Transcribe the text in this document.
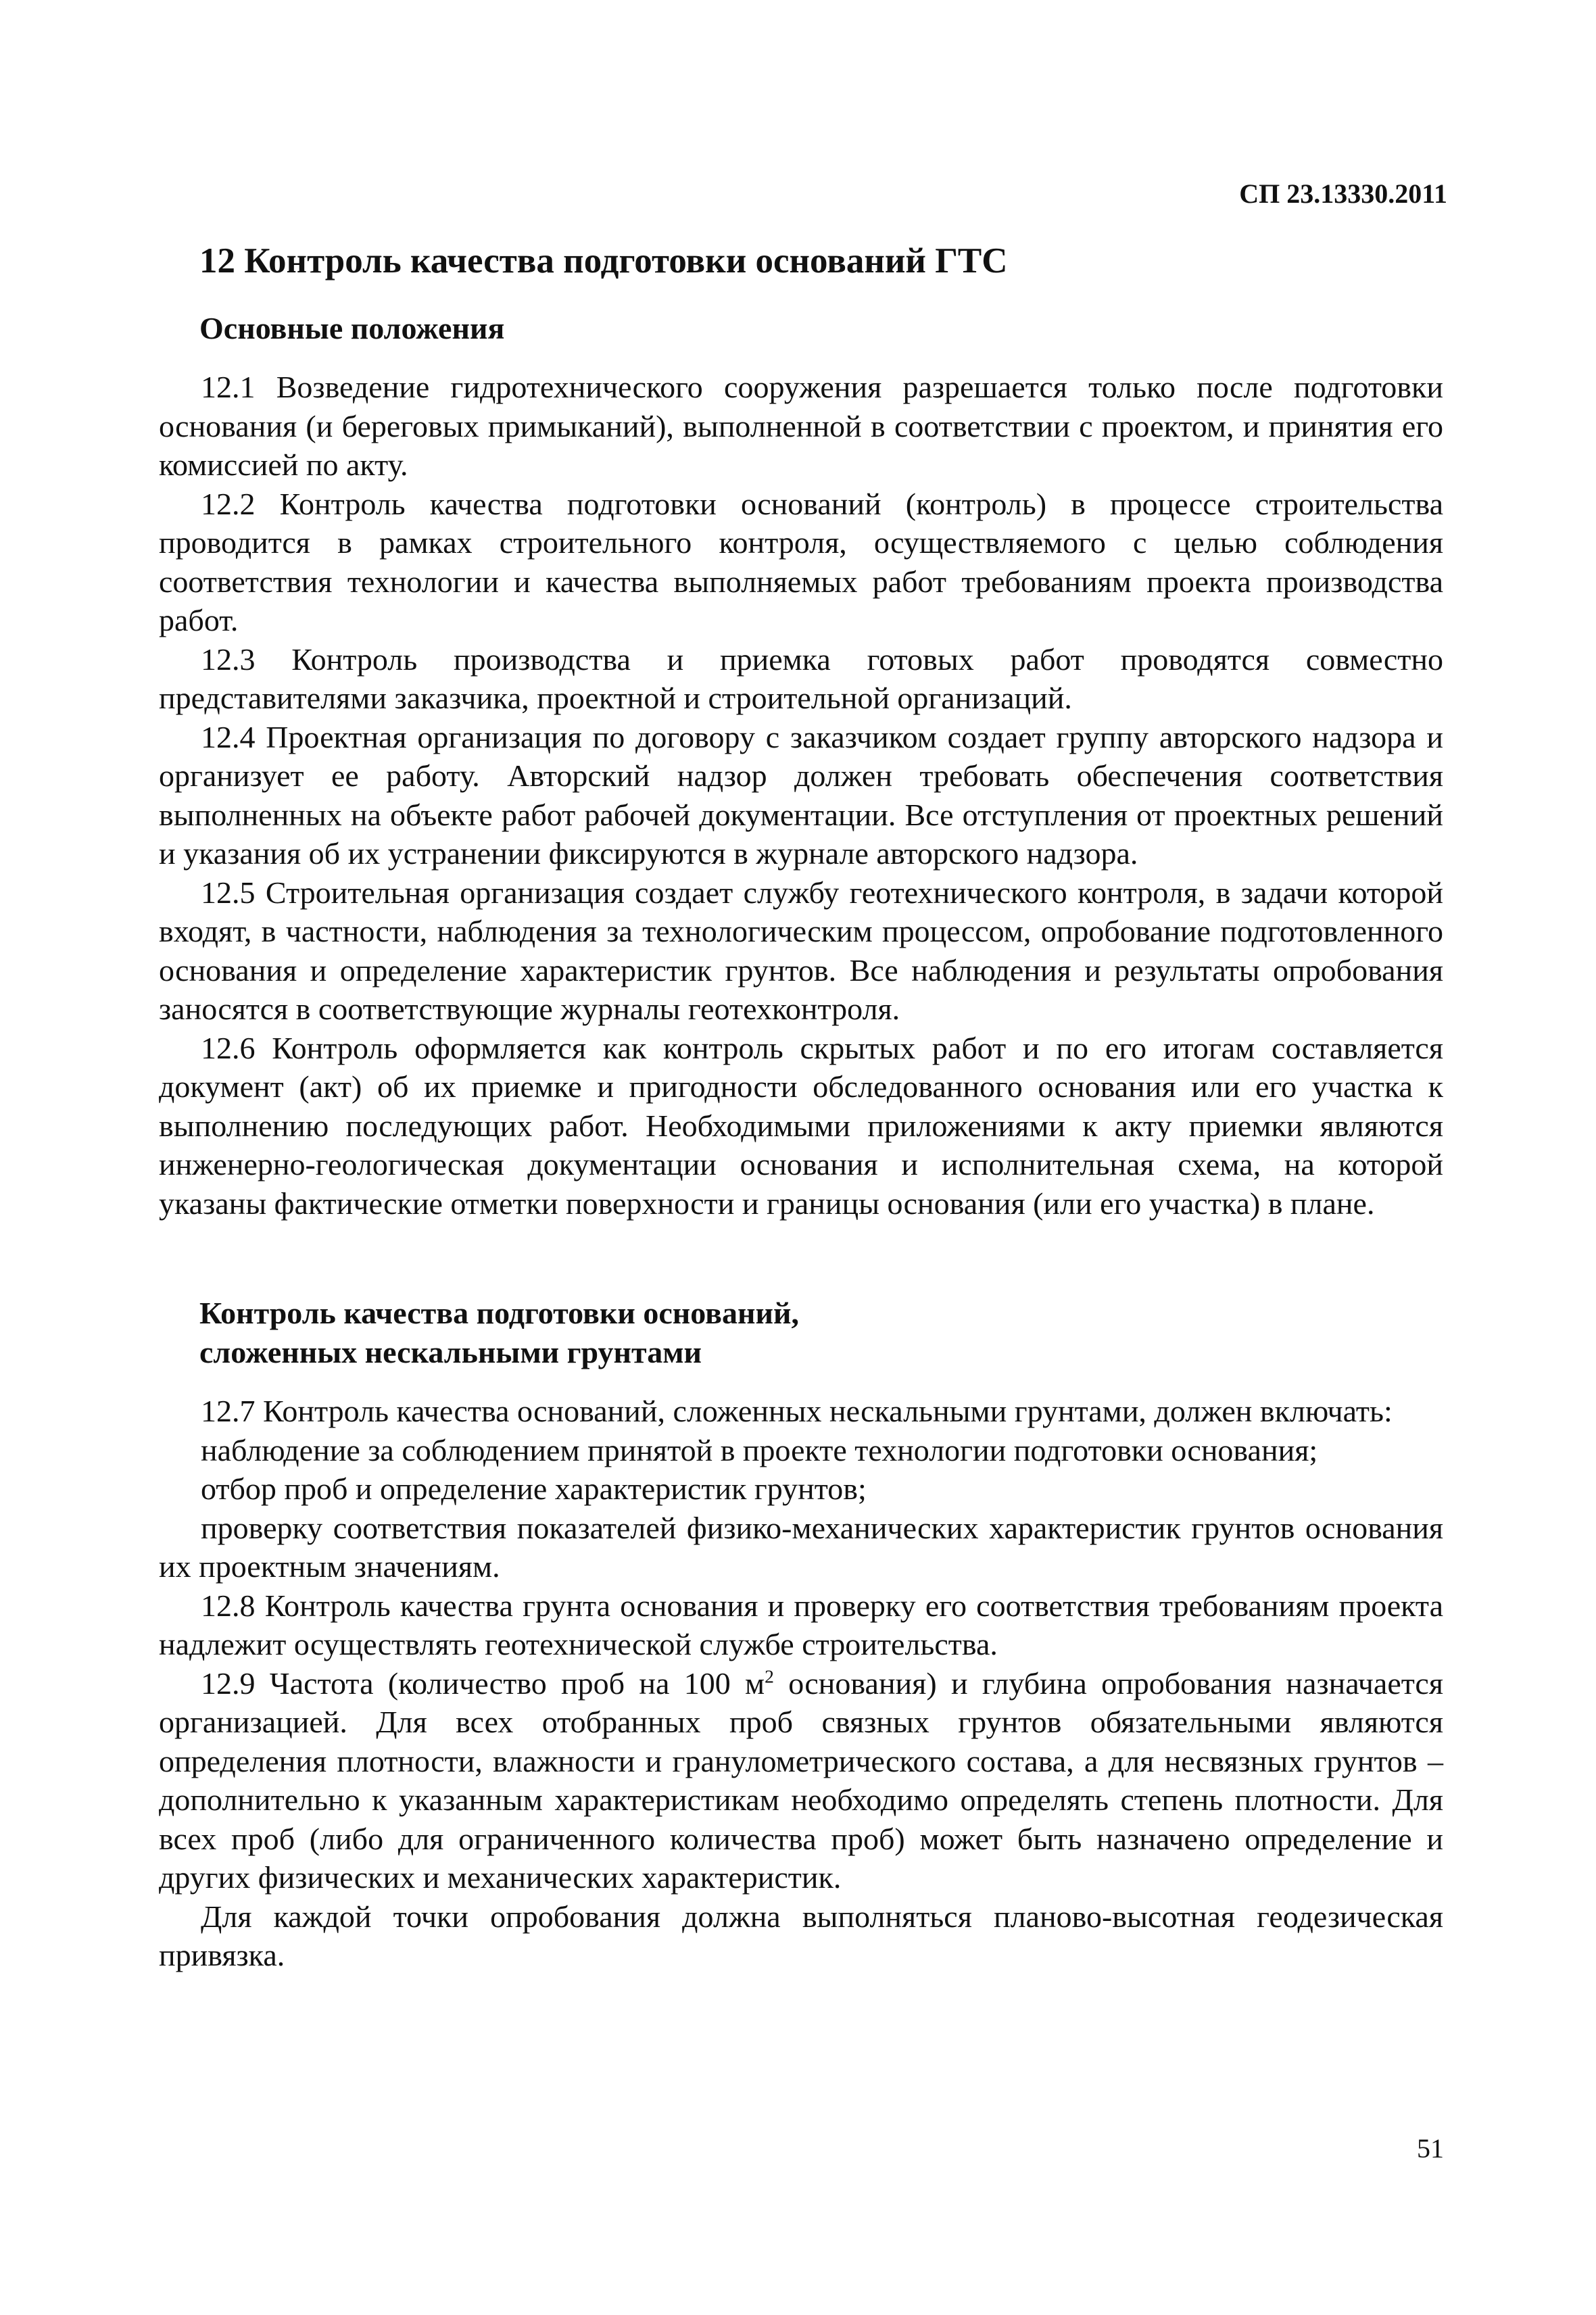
СП 23.13330.2011

12 Контроль качества подготовки оснований ГТС
Основные положения

12.1 Возведение гидротехнического сооружения разрешается только после подготовки основания (и береговых примыканий), выполненной в соответствии с проектом, и принятия его комиссией по акту.

12.2 Контроль качества подготовки оснований (контроль) в процессе строительства проводится в рамках строительного контроля, осуществляемого с целью соблюдения соответствия технологии и качества выполняемых работ требованиям проекта производства работ.

12.3 Контроль производства и приемка готовых работ проводятся совместно представителями заказчика, проектной и строительной организаций.

12.4 Проектная организация по договору с заказчиком создает группу авторского надзора и организует ее работу. Авторский надзор должен требовать обеспечения соответствия выполненных на объекте работ рабочей документации. Все отступления от проектных решений и указания об их устранении фиксируются в журнале авторского надзора.

12.5 Строительная организация создает службу геотехнического контроля, в задачи которой входят, в частности, наблюдения за технологическим процессом, опробование подготовленного основания и определение характеристик грунтов. Все наблюдения и результаты опробования заносятся в соответствующие журналы геотехконтроля.

12.6 Контроль оформляется как контроль скрытых работ и по его итогам составляется документ (акт) об их приемке и пригодности обследованного основания или его участка к выполнению последующих работ. Необходимыми приложениями к акту приемки являются инженерно-геологическая документации основания и исполнительная схема, на которой указаны фактические отметки поверхности и границы основания (или его участка) в плане.

Контроль качества подготовки оснований,
сложенных нескальными грунтами

12.7 Контроль качества оснований, сложенных нескальными грунтами, должен включать:

наблюдение за соблюдением принятой в проекте технологии подготовки основания;

отбор проб и определение характеристик грунтов;

проверку соответствия показателей физико-механических характеристик грунтов основания их проектным значениям.

12.8 Контроль качества грунта основания и проверку его соответствия требованиям проекта надлежит осуществлять геотехнической службе строительства.

12.9 Частота (количество проб на 100 $м^2$ основания) и глубина опробования назначается организацией. Для всех отобранных проб связных грунтов обязательными являются определения плотности, влажности и гранулометрического состава, а для несвязных грунтов – дополнительно к указанным характеристикам необходимо определять степень плотности. Для всех проб (либо для ограниченного количества проб) может быть назначено определение и других физических и механических характеристик.

Для каждой точки опробования должна выполняться планово-высотная геодезическая привязка.

51
